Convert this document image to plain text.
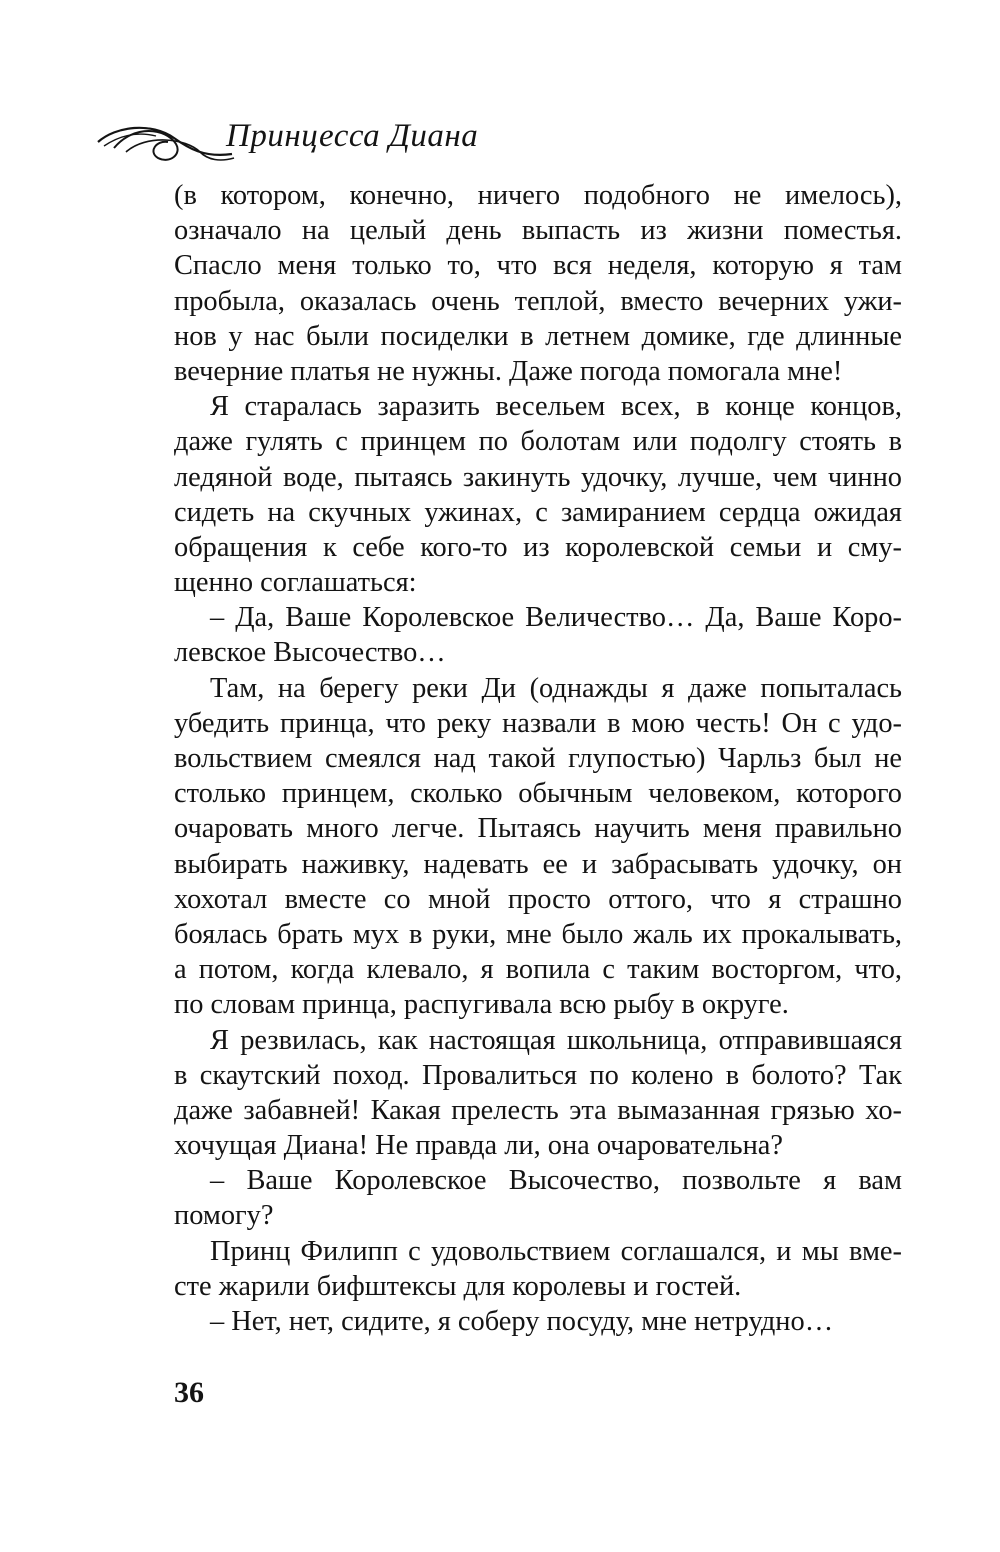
Принцесса Диана
(в котором, конечно, ничего подобного не имелось),
означало на целый день выпасть из жизни поместья.
Спасло меня только то, что вся неделя, которую я там
пробыла, оказалась очень теплой, вместо вечерних ужи-
нов у нас были посиделки в летнем домике, где длинные
вечерние платья не нужны. Даже погода помогала мне!
Я старалась заразить весельем всех, в конце концов,
даже гулять с принцем по болотам или подолгу стоять в
ледяной воде, пытаясь закинуть удочку, лучше, чем чинно
сидеть на скучных ужинах, с замиранием сердца ожидая
обращения к себе кого-то из королевской семьи и сму-
щенно соглашаться:
– Да, Ваше Королевское Величество… Да, Ваше Коро-
левское Высочество…
Там, на берегу реки Ди (однажды я даже попыталась
убедить принца, что реку назвали в мою честь! Он с удо-
вольствием смеялся над такой глупостью) Чарльз был не
столько принцем, сколько обычным человеком, которого
очаровать много легче. Пытаясь научить меня правильно
выбирать наживку, надевать ее и забрасывать удочку, он
хохотал вместе со мной просто оттого, что я страшно
боялась брать мух в руки, мне было жаль их прокалывать,
а потом, когда клевало, я вопила с таким восторгом, что,
по словам принца, распугивала всю рыбу в округе.
Я резвилась, как настоящая школьница, отправившаяся
в скаутский поход. Провалиться по колено в болото? Так
даже забавней! Какая прелесть эта вымазанная грязью хо-
хочущая Диана! Не правда ли, она очаровательна?
– Ваше Королевское Высочество, позвольте я вам
помогу?
Принц Филипп с удовольствием соглашался, и мы вме-
сте жарили бифштексы для королевы и гостей.
– Нет, нет, сидите, я соберу посуду, мне нетрудно…
36
